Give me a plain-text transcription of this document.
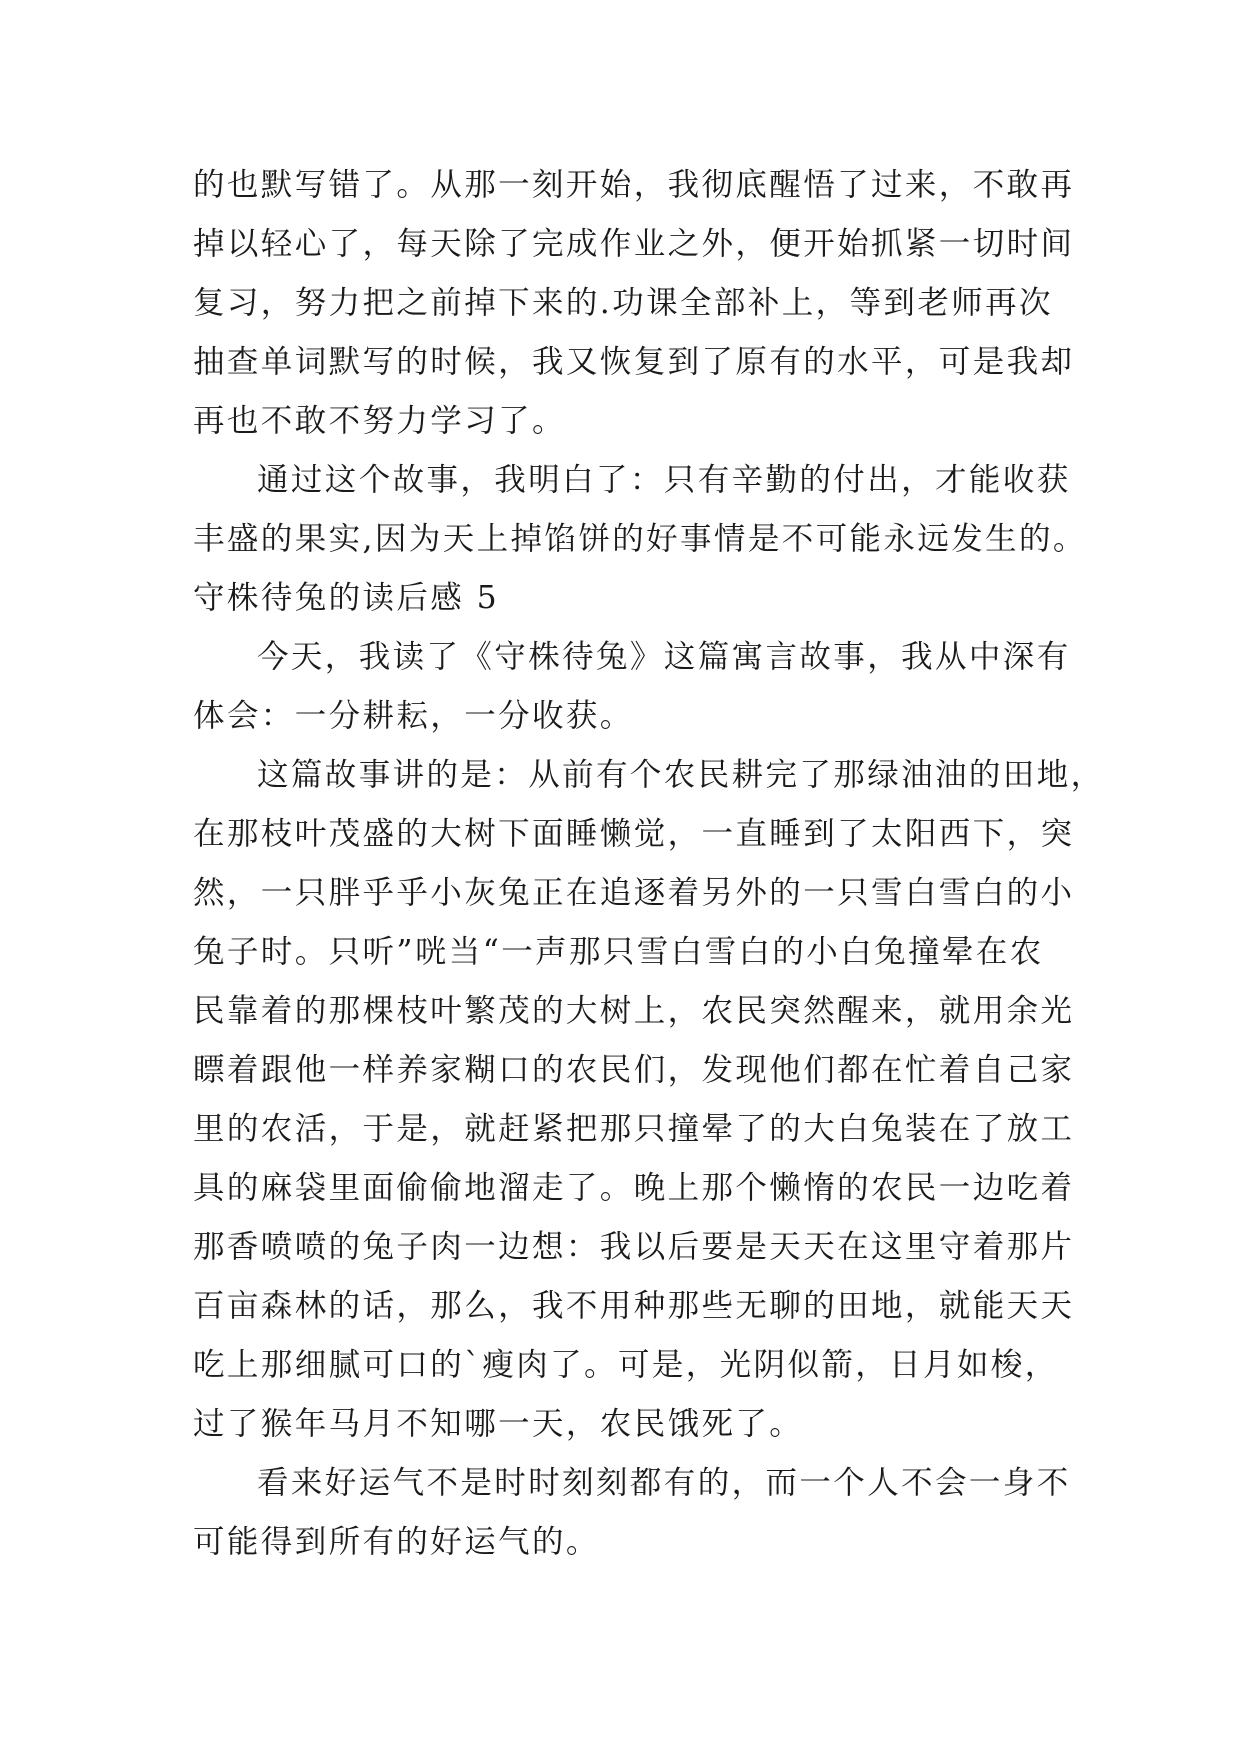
的也默写错了。从那一刻开始，我彻底醒悟了过来，不敢再
掉以轻心了，每天除了完成作业之外，便开始抓紧一切时间
复习，努力把之前掉下来的.功课全部补上，等到老师再次
抽查单词默写的时候，我又恢复到了原有的水平，可是我却
再也不敢不努力学习了。
通过这个故事，我明白了：只有辛勤的付出，才能收获
丰盛的果实,因为天上掉馅饼的好事情是不可能永远发生的。
守株待兔的读后感 5
今天，我读了《守株待兔》这篇寓言故事，我从中深有
体会：一分耕耘，一分收获。
这篇故事讲的是：从前有个农民耕完了那绿油油的田地，
在那枝叶茂盛的大树下面睡懒觉，一直睡到了太阳西下，突
然，一只胖乎乎小灰兔正在追逐着另外的一只雪白雪白的小
兔子时。只听”咣当“一声那只雪白雪白的小白兔撞晕在农
民靠着的那棵枝叶繁茂的大树上，农民突然醒来，就用余光
瞟着跟他一样养家糊口的农民们，发现他们都在忙着自己家
里的农活，于是，就赶紧把那只撞晕了的大白兔装在了放工
具的麻袋里面偷偷地溜走了。晚上那个懒惰的农民一边吃着
那香喷喷的兔子肉一边想：我以后要是天天在这里守着那片
百亩森林的话，那么，我不用种那些无聊的田地，就能天天
吃上那细腻可口的`瘦肉了。可是，光阴似箭，日月如梭，
过了猴年马月不知哪一天，农民饿死了。
看来好运气不是时时刻刻都有的，而一个人不会一身不
可能得到所有的好运气的。
